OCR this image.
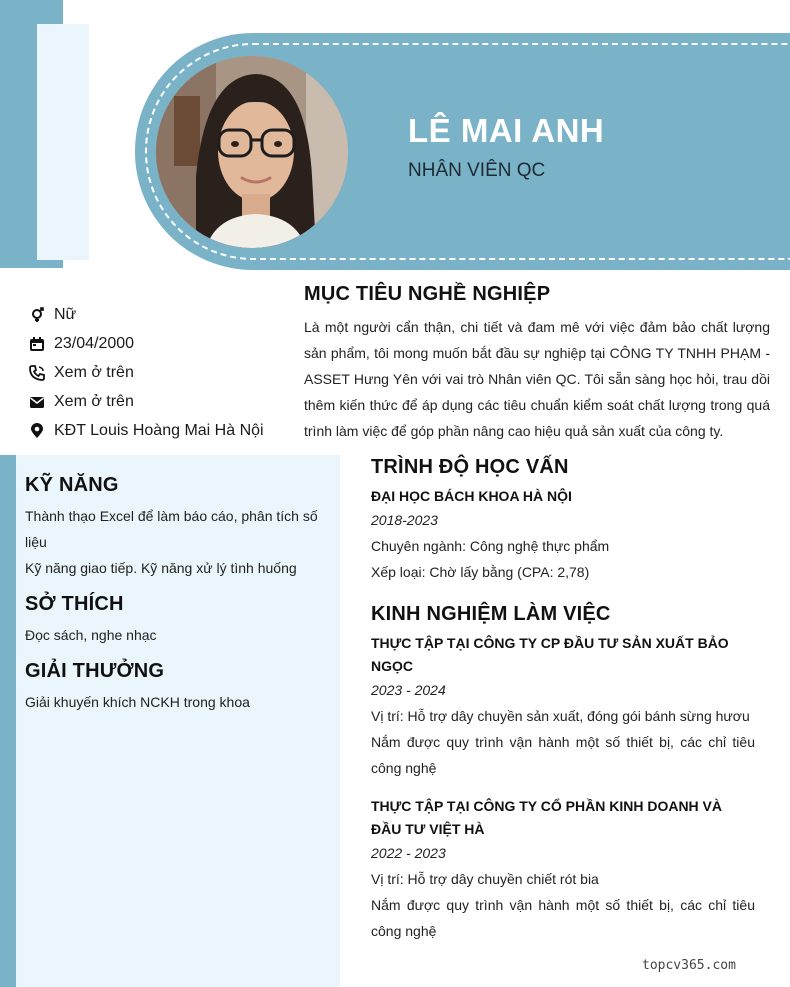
LÊ MAI ANH
NHÂN VIÊN QC
Nữ
23/04/2000
Xem ở trên
Xem ở trên
KĐT Louis Hoàng Mai Hà Nội
MỤC TIÊU NGHỀ NGHIỆP

Là một người cẩn thận, chi tiết và đam mê với việc đảm bảo chất lượng sản phẩm, tôi mong muốn bắt đầu sự nghiệp tại CÔNG TY TNHH PHẠM - ASSET Hưng Yên với vai trò Nhân viên QC. Tôi sẵn sàng học hỏi, trau dồi thêm kiến thức để áp dụng các tiêu chuẩn kiểm soát chất lượng trong quá trình làm việc để góp phần nâng cao hiệu quả sản xuất của công ty.

KỸ NĂNG

Thành thạo Excel để làm báo cáo, phân tích số liệu

Kỹ năng giao tiếp. Kỹ năng xử lý tình huống

SỞ THÍCH

Đọc sách, nghe nhạc

GIẢI THƯỞNG

Giải khuyến khích NCKH trong khoa

TRÌNH ĐỘ HỌC VẤN
ĐẠI HỌC BÁCH KHOA HÀ NỘI
2018-2023
Chuyên ngành: Công nghệ thực phẩm
Xếp loại: Chờ lấy bằng (CPA: 2,78)
KINH NGHIỆM LÀM VIỆC
THỰC TẬP TẠI CÔNG TY CP ĐẦU TƯ SẢN XUẤT BẢO NGỌC
2023 - 2024
Vị trí: Hỗ trợ dây chuyền sản xuất, đóng gói bánh sừng hươu
Nắm được quy trình vận hành một số thiết bị, các chỉ tiêu công nghệ
THỰC TẬP TẠI CÔNG TY CỔ PHẦN KINH DOANH VÀ ĐẦU TƯ VIỆT HÀ
2022 - 2023
Vị trí: Hỗ trợ dây chuyền chiết rót bia
Nắm được quy trình vận hành một số thiết bị, các chỉ tiêu công nghệ
topcv365.com
